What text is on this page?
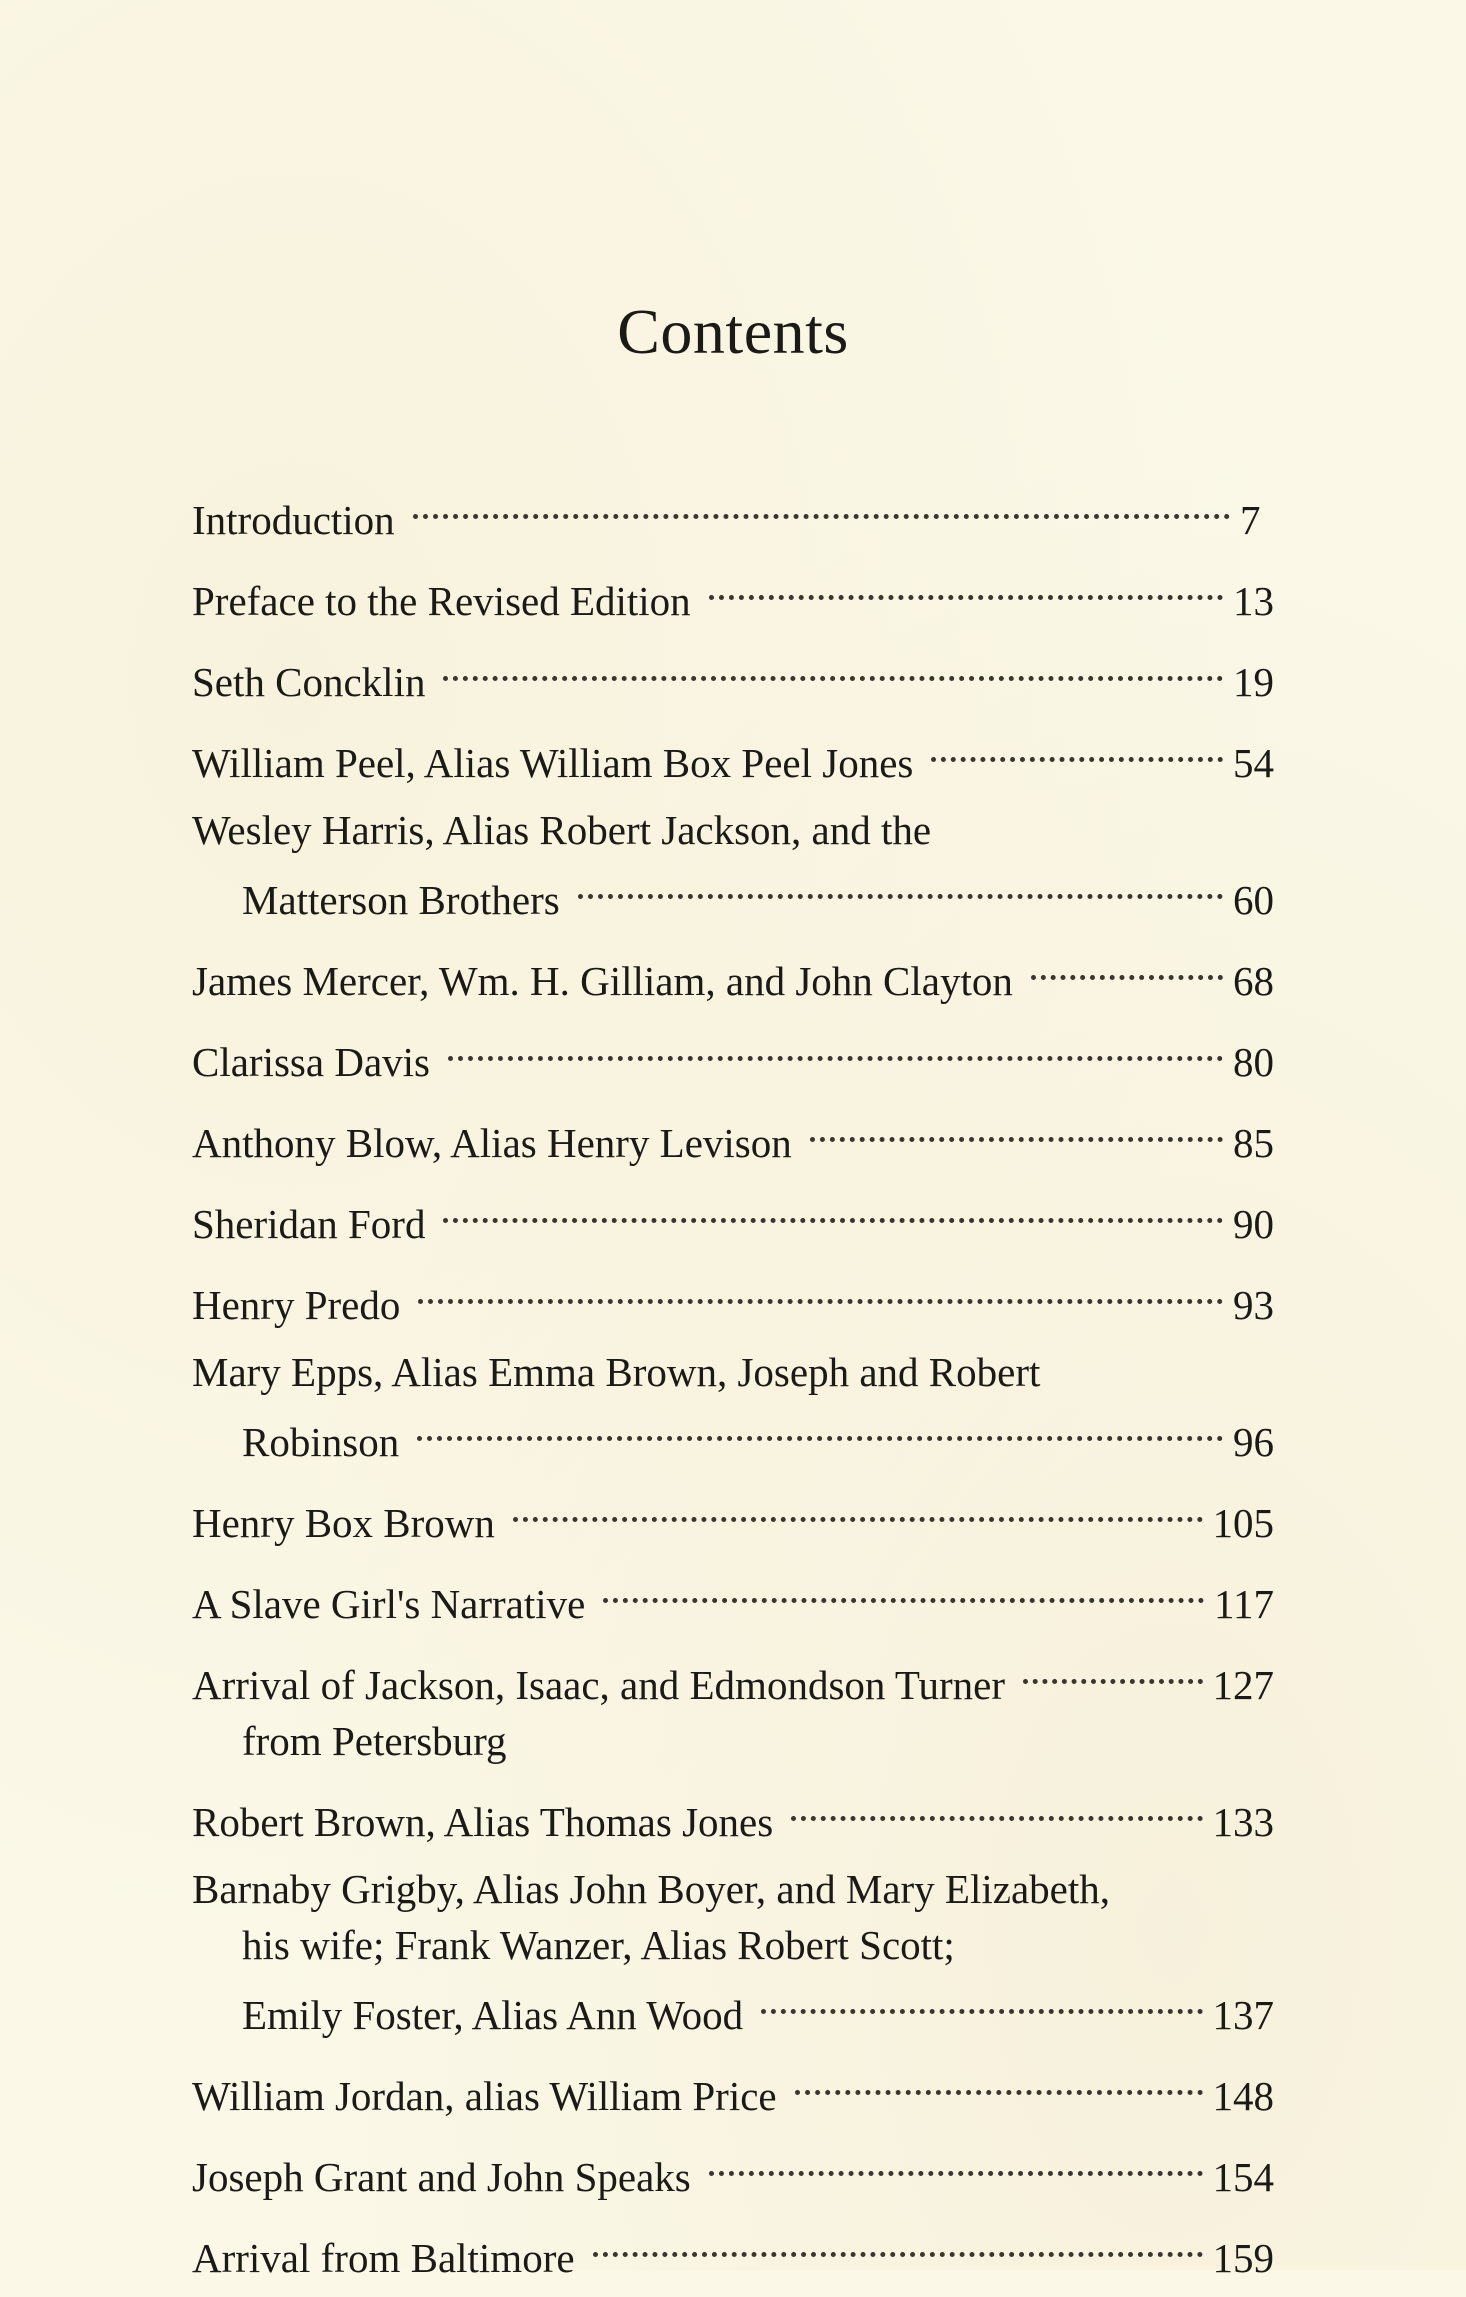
Contents
Introduction	7
Preface to the Revised Edition	13
Seth Concklin	19
William Peel, Alias William Box Peel Jones	54
Wesley Harris, Alias Robert Jackson, and the
Matterson Brothers	60
James Mercer, Wm. H. Gilliam, and John Clayton	68
Clarissa Davis	80
Anthony Blow, Alias Henry Levison	85
Sheridan Ford	90
Henry Predo	93
Mary Epps, Alias Emma Brown, Joseph and Robert
Robinson	96
Henry Box Brown	105
A Slave Girl's Narrative	117
Arrival of Jackson, Isaac, and Edmondson Turner	127
from Petersburg
Robert Brown, Alias Thomas Jones	133
Barnaby Grigby, Alias John Boyer, and Mary Elizabeth,
his wife; Frank Wanzer, Alias Robert Scott;
Emily Foster, Alias Ann Wood	137
William Jordan, alias William Price	148
Joseph Grant and John Speaks	154
Arrival from Baltimore	159
